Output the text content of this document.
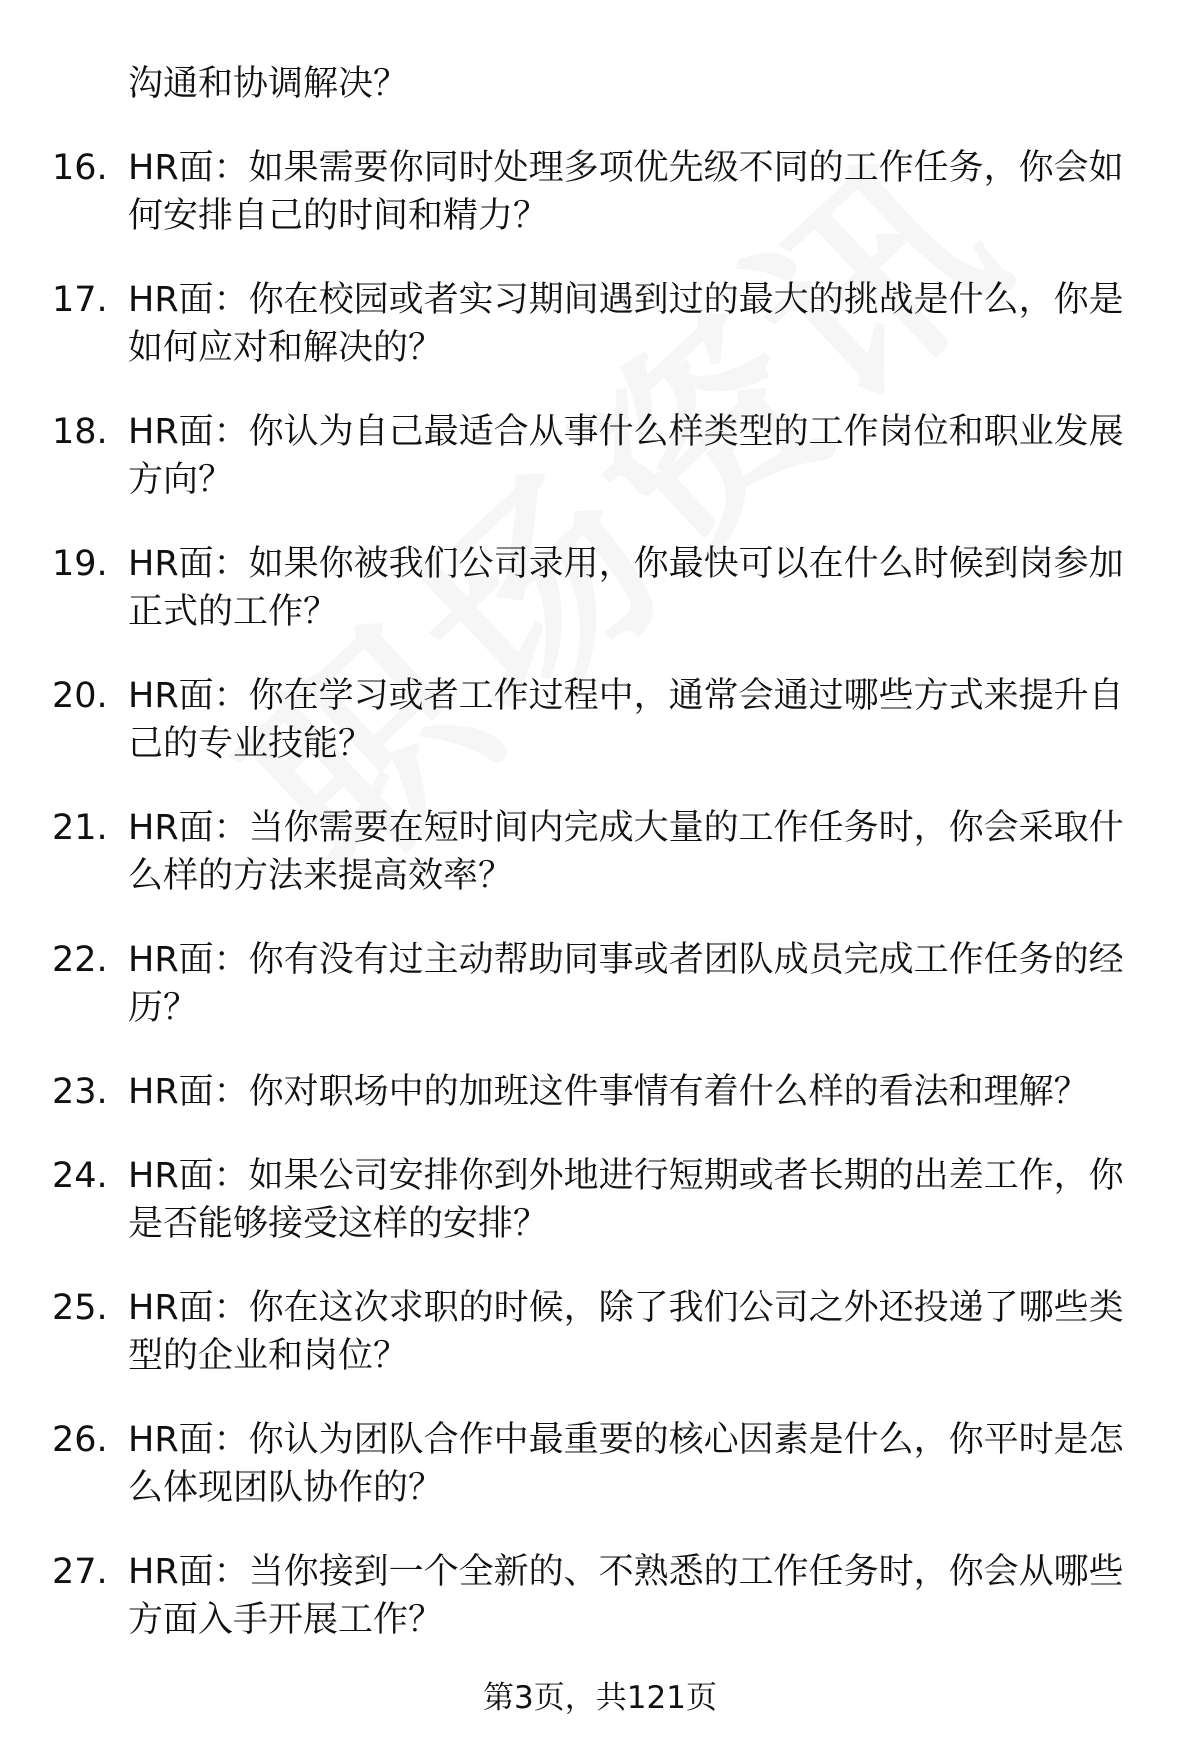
沟通和协调解决？
16. HR面：如果需要你同时处理多项优先级不同的工作任务，你会如何安排自己的时间和精力？
17. HR面：你在校园或者实习期间遇到过的最大的挑战是什么，你是如何应对和解决的？
18. HR面：你认为自己最适合从事什么样类型的工作岗位和职业发展方向？
19. HR面：如果你被我们公司录用，你最快可以在什么时候到岗参加正式的工作？
20. HR面：你在学习或者工作过程中，通常会通过哪些方式来提升自己的专业技能？
21. HR面：当你需要在短时间内完成大量的工作任务时，你会采取什么样的方法来提高效率？
22. HR面：你有没有过主动帮助同事或者团队成员完成工作任务的经历？
23. HR面：你对职场中的加班这件事情有着什么样的看法和理解？
24. HR面：如果公司安排你到外地进行短期或者长期的出差工作，你是否能够接受这样的安排？
25. HR面：你在这次求职的时候，除了我们公司之外还投递了哪些类型的企业和岗位？
26. HR面：你认为团队合作中最重要的核心因素是什么，你平时是怎么体现团队协作的？
27. HR面：当你接到一个全新的、不熟悉的工作任务时，你会从哪些方面入手开展工作？
第3页，共121页
